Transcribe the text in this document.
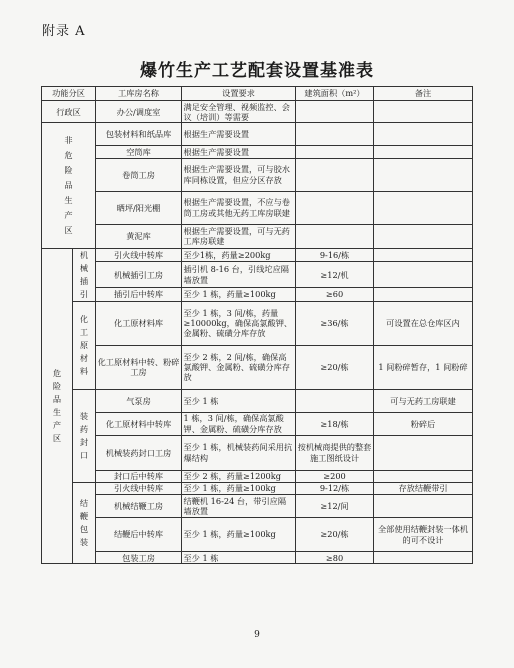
附录 A
爆竹生产工艺配套设置基准表
功能分区		工库房名称	设置要求	建筑面积（m²）	备注
行政区		办公/调度室	满足安全管理、视频监控、会议（培训）等需要		

非危险品生产区		包装材料和纸品库	根据生产需要设置		
		空筒库	根据生产需要设置		
		卷筒工房	根据生产需要设置，可与胶水库同栋设置，但应分区存放		
		晒坪/阳光棚	根据生产需要设置，不应与卷筒工房或其他无药工库房联建		
		黄泥库	根据生产需要设置，可与无药工库房联建		

危险品生产区	机械插引	引火线中转库	至少1栋，药量≥200kg	9-16/栋	
		机械插引工房	插引机 8-16 台，引线坨应隔墙放置	≥12/机	
		插引后中转库	至少 1 栋，药量≥100kg	≥60	

	化工原材料	化工原材料库	至少 1 栋，3 间/栋，药量≥10000kg，确保高氯酸钾、金属粉、硫磺分库存放	≥36/栋	可设置在总仓库区内
		化工原材料中转、粉碎工房	至少 2 栋，2 间/栋，确保高氯酸钾、金属粉、硫磺分库存放	≥20/栋	1 间粉碎暂存，1 间粉碎

	装药封口	气泵房	至少 1 栋		可与无药工房联建
		化工原材料中转库	1 栋，3 间/栋，确保高氯酸钾、金属粉、硫磺分库存放	≥18/栋	粉碎后
		机械装药封口工房	至少 1 栋，机械装药间采用抗爆结构	按机械商提供的整套施工图纸设计	
		封口后中转库	至少 2 栋，药量≥1200kg	≥200	

	结鞭包装	引火线中转库	至少 1 栋，药量≥100kg	9-12/栋	存放结鞭带引
		机械结鞭工房	结鞭机 16-24 台，带引应隔墙放置	≥12/间	
		结鞭后中转库	至少 1 栋，药量≥100kg	≥20/栋	全部使用结鞭封装一体机的可不设计
		包装工房	至少 1 栋	≥80	
9
